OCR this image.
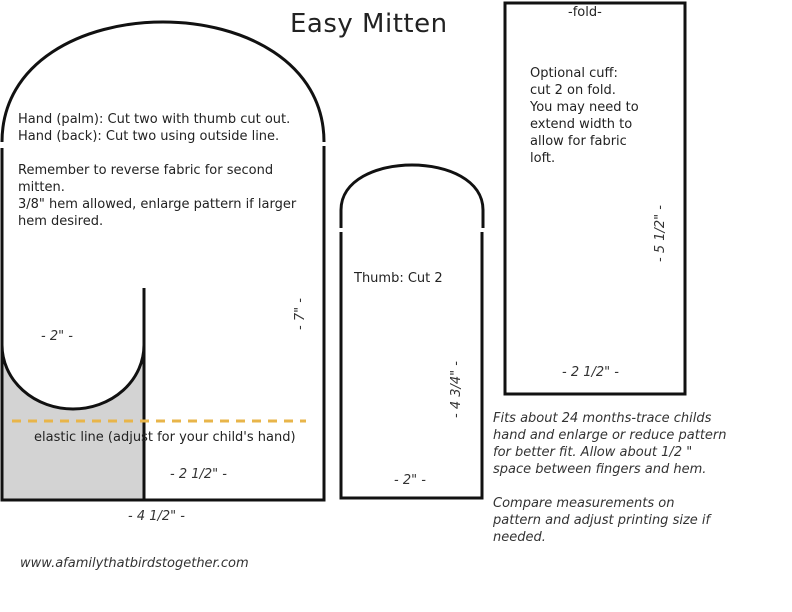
Easy Mitten
Hand (palm): Cut two with thumb cut out.
Hand (back): Cut two using outside line.
Remember to reverse fabric for second
mitten.
3/8" hem allowed, enlarge pattern if larger
hem desired.
- 2" -
- 7" -
elastic line (adjust for your child's hand)
- 2 1/2" -
- 4 1/2" -
Thumb: Cut 2
- 4 3/4" -
- 2" -
-fold-
Optional cuff:
cut 2 on fold.
You may need to
extend width to
allow for fabric
loft.
- 5 1/2" -
- 2 1/2" -
Fits about 24 months-trace childs
hand and enlarge or reduce pattern
for better fit. Allow about 1/2 "
space between fingers and hem.
Compare measurements on
pattern and adjust printing size if
needed.
www.afamilythatbirdstogether.com
